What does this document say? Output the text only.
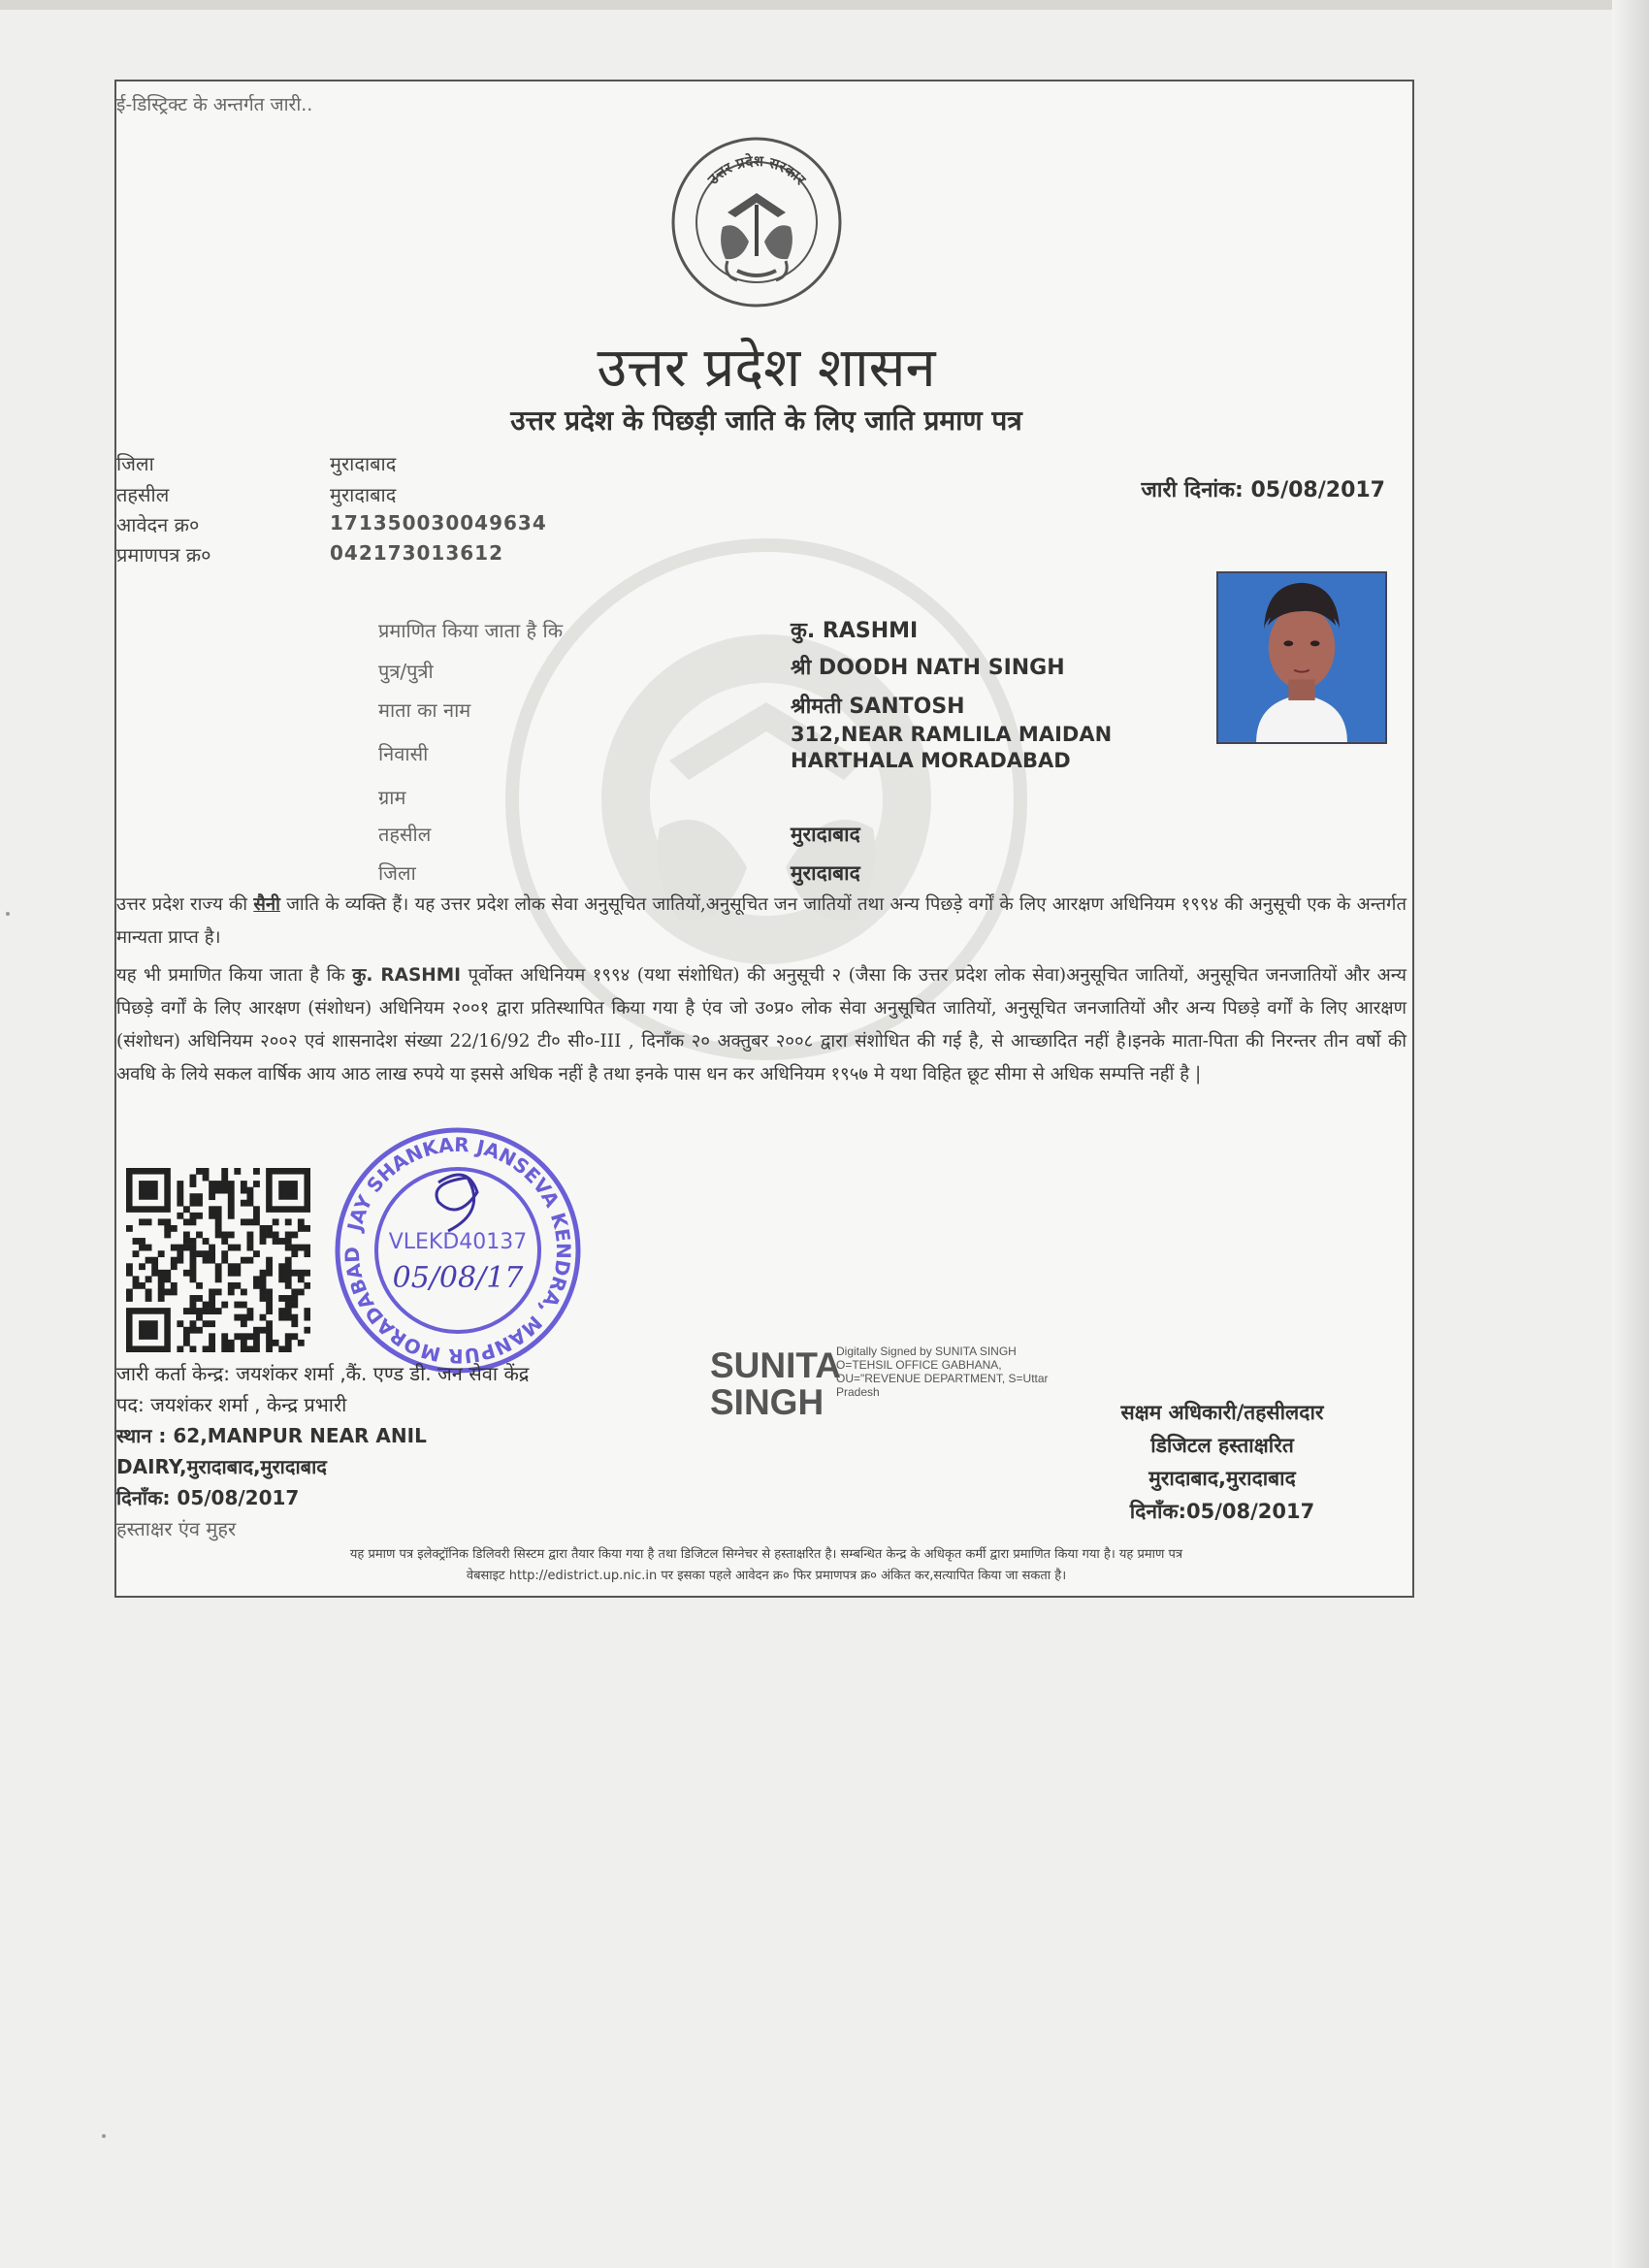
ई-डिस्ट्रिक्ट के अन्तर्गत जारी..
उत्तर प्रदेश सरकार
उत्तर प्रदेश शासन
उत्तर प्रदेश के पिछड़ी जाति के लिए जाति प्रमाण पत्र
जिला	मुरादाबाद
तहसील	मुरादाबाद
आवेदन क्र०	171350030049634
प्रमाणपत्र क्र०	042173013612
जारी दिनांक: 05/08/2017
प्रमाणित किया जाता है कि	कु. RASHMI
पुत्र/पुत्री	श्री DOODH NATH SINGH
माता का नाम	श्रीमती SANTOSH
निवासी
312,NEAR RAMLILA MAIDAN
HARTHALA MORADABAD
ग्राम
तहसील	मुरादाबाद
जिला	मुरादाबाद
उत्तर प्रदेश राज्य की सैनी जाति के व्यक्ति हैं। यह उत्तर प्रदेश लोक सेवा अनुसूचित जातियों,अनुसूचित जन जातियों तथा अन्य पिछड़े वर्गों के लिए आरक्षण अधिनियम १९९४ की अनुसूची एक के अन्तर्गत मान्यता प्राप्त है।
यह भी प्रमाणित किया जाता है कि कु. RASHMI पूर्वोक्त अधिनियम १९९४ (यथा संशोधित) की अनुसूची २ (जैसा कि उत्तर प्रदेश लोक सेवा)अनुसूचित जातियों, अनुसूचित जनजातियों और अन्य पिछड़े वर्गों के लिए आरक्षण (संशोधन) अधिनियम २००१ द्वारा प्रतिस्थापित किया गया है एंव जो उ०प्र० लोक सेवा अनुसूचित जातियों, अनुसूचित जनजातियों और अन्य पिछड़े वर्गों के लिए आरक्षण (संशोधन) अधिनियम २००२ एवं शासनादेश संख्या 22/16/92 टी० सी०-III , दिनाँक २० अक्तुबर २००८ द्वारा संशोधित की गई है, से आच्छादित नहीं है।इनके माता-पिता की निरन्तर तीन वर्षो की अवधि के लिये सकल वार्षिक आय आठ लाख रुपये या इससे अधिक नहीं है तथा इनके पास धन कर अधिनियम १९५७ मे यथा विहित छूट सीमा से अधिक सम्पत्ति नहीं है |
JAY SHANKAR JANSEVA KENDRA, MANPUR MORADABAD
VLEKD40137
05/08/17
जारी कर्ता केन्द्र: जयशंकर शर्मा ,कैं. एण्ड डी. जन सेवा केंद्र
पद: जयशंकर शर्मा , केन्द्र प्रभारी
स्थान : 62,MANPUR NEAR ANIL
DAIRY,मुरादाबाद,मुरादाबाद
दिनाँक: 05/08/2017
हस्ताक्षर एंव मुहर
SUNITA
SINGH
Digitally Signed by SUNITA SINGH O=TEHSIL OFFICE GABHANA, OU="REVENUE DEPARTMENT, S=Uttar Pradesh
सक्षम अधिकारी/तहसीलदार
डिजिटल हस्ताक्षरित
मुरादाबाद,मुरादाबाद
दिनाँक:05/08/2017
यह प्रमाण पत्र इलेक्ट्रॉनिक डिलिवरी सिस्टम द्वारा तैयार किया गया है तथा डिजिटल सिग्नेचर से हस्ताक्षरित है। सम्बन्धित केन्द्र के अधिकृत कर्मी द्वारा प्रमाणित किया गया है। यह प्रमाण पत्र
वेबसाइट http://edistrict.up.nic.in पर इसका पहले आवेदन क्र० फिर प्रमाणपत्र क्र० अंकित कर,सत्यापित किया जा सकता है।
